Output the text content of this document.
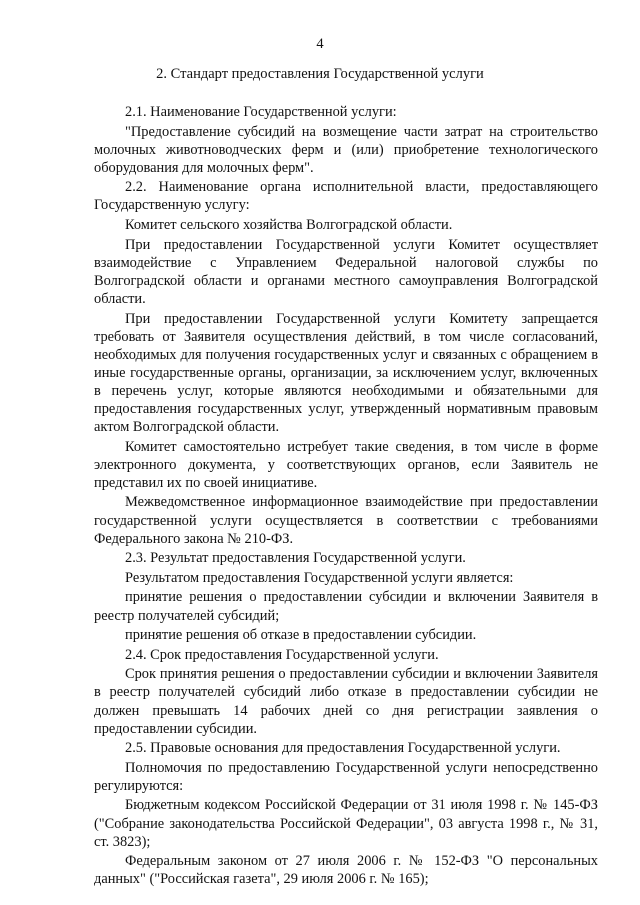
4
2. Стандарт предоставления Государственной услуги

2.1. Наименование Государственной услуги:

"Предоставление субсидий на возмещение части затрат на строительство молочных животноводческих ферм и (или) приобретение технологического оборудования для молочных ферм".

2.2. Наименование органа исполнительной власти, предоставляющего Государственную услугу:

Комитет сельского хозяйства Волгоградской области.

При предоставлении Государственной услуги Комитет осуществляет взаимодействие с Управлением Федеральной налоговой службы по Волгоградской области и органами местного самоуправления Волгоградской области.

При предоставлении Государственной услуги Комитету запрещается требовать от Заявителя осуществления действий, в том числе согласований, необходимых для получения государственных услуг и связанных с обращением в иные государственные органы, организации, за исключением услуг, включенных в перечень услуг, которые являются необходимыми и обязательными для предоставления государственных услуг, утвержденный нормативным правовым актом Волгоградской области.

Комитет самостоятельно истребует такие сведения, в том числе в форме электронного документа, у соответствующих органов, если Заявитель не представил их по своей инициативе.

Межведомственное информационное взаимодействие при предоставлении государственной услуги осуществляется в соответствии с требованиями Федерального закона № 210-ФЗ.

2.3. Результат предоставления Государственной услуги.

Результатом предоставления Государственной услуги является:

принятие решения о предоставлении субсидии и включении Заявителя в реестр получателей субсидий;

принятие решения об отказе в предоставлении субсидии.

2.4. Срок предоставления Государственной услуги.

Срок принятия решения о предоставлении субсидии и включении Заявителя в реестр получателей субсидий либо отказе в предоставлении субсидии не должен превышать 14 рабочих дней со дня регистрации заявления о предоставлении субсидии.

2.5. Правовые основания для предоставления Государственной услуги.

Полномочия по предоставлению Государственной услуги непосредственно регулируются:

Бюджетным кодексом Российской Федерации от 31 июля 1998 г. № 145-ФЗ ("Собрание законодательства Российской Федерации", 03 августа 1998 г., № 31, ст. 3823);

Федеральным законом от 27 июля 2006 г. № 152-ФЗ "О персональных данных" ("Российская газета", 29 июля 2006 г. № 165);
